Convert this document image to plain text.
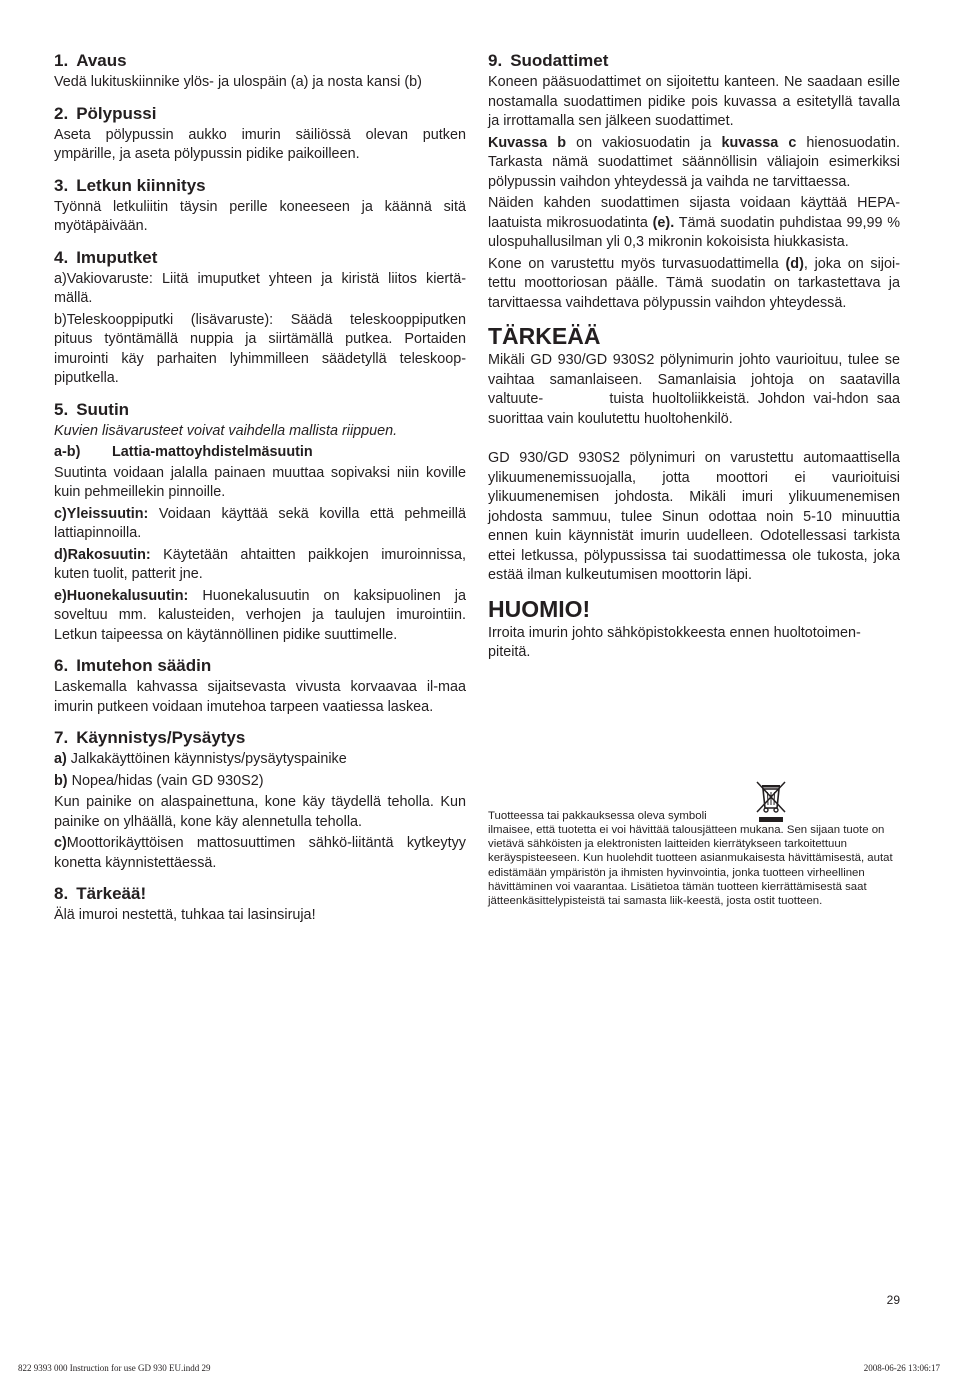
1. Avaus

Vedä lukituskiinnike ylös- ja ulospäin (a) ja nosta kansi (b)

2. Pölypussi

Aseta pölypussin aukko imurin säiliössä olevan putken ympärille, ja aseta pölypussin pidike paikoilleen.

3. Letkun kiinnitys

Työnnä letkuliitin täysin perille koneeseen ja käännä sitä myötäpäivään.

4. Imuputket

a)Vakiovaruste: Liitä imuputket yhteen ja kiristä liitos kiertä-mällä.

b)Teleskooppiputki (lisävaruste): Säädä teleskooppiputken pituus työntämällä nuppia ja siirtämällä putkea. Portaiden imurointi käy parhaiten lyhimmilleen säädetyllä teleskoop-piputkella.

5. Suutin

Kuvien lisävarusteet voivat vaihdella mallista riippuen.

a-b) Lattia-mattoyhdistelmäsuutin

Suutinta voidaan jalalla painaen muuttaa sopivaksi niin koville kuin pehmeillekin pinnoille.

c)Yleissuutin: Voidaan käyttää sekä kovilla että pehmeillä lattiapinnoilla.

d)Rakosuutin: Käytetään ahtaitten paikkojen imuroinnissa, kuten tuolit, patterit jne.

e)Huonekalusuutin: Huonekalusuutin on kaksipuolinen ja soveltuu mm. kalusteiden, verhojen ja taulujen imurointiin. Letkun taipeessa on käytännöllinen pidike suuttimelle.

6. Imutehon säädin

Laskemalla kahvassa sijaitsevasta vivusta korvaavaa il-maa imurin putkeen voidaan imutehoa tarpeen vaatiessa laskea.

7. Käynnistys/Pysäytys

a) Jalkakäyttöinen käynnistys/pysäytyspainike

b) Nopea/hidas (vain GD 930S2)

Kun painike on alaspainettuna, kone käy täydellä teholla. Kun painike on ylhäällä, kone käy alennetulla teholla.

c)Moottorikäyttöisen mattosuuttimen sähkö-liitäntä kytkeytyy konetta käynnistettäessä.

8. Tärkeää!

Älä imuroi nestettä, tuhkaa tai lasinsiruja!

9. Suodattimet

Koneen pääsuodattimet on sijoitettu kanteen. Ne saadaan esille nostamalla suodattimen pidike pois kuvassa a esitetyllä tavalla ja irrottamalla sen jälkeen suodattimet.

Kuvassa b on vakiosuodatin ja kuvassa c hienosuodatin. Tarkasta nämä suodattimet säännöllisin väliajoin esimerkiksi pölypussin vaihdon yhteydessä ja vaihda ne tarvittaessa.

Näiden kahden suodattimen sijasta voidaan käyttää HEPA-laatuista mikrosuodatinta (e). Tämä suodatin puhdistaa 99,99 % ulospuhallusilman yli 0,3 mikronin kokoisista hiukkasista.

Kone on varustettu myös turvasuodattimella (d), joka on sijoi-tettu moottoriosan päälle. Tämä suodatin on tarkastettava ja tarvittaessa vaihdettava pölypussin vaihdon yhteydessä.

TÄRKEÄÄ

Mikäli GD 930/GD 930S2 pölynimurin johto vaurioituu, tulee se vaihtaa samanlaiseen. Samanlaisia johtoja on saatavilla valtuute-        tuista huoltoliikkeistä. Johdon vai-hdon saa         suorittaa vain koulutettu huoltohenkilö.

GD 930/GD 930S2 pölynimuri on varustettu automaattisella ylikuumenemissuojalla, jotta moottori ei vaurioituisi ylikuumenemisen johdosta. Mikäli imuri ylikuumenemisen johdosta sammuu, tulee Sinun odottaa noin 5-10 minuuttia ennen kuin käynnistät imurin uudelleen. Odotellessasi tarkista ettei letkussa, pölypussissa tai suodattimessa ole tukosta, joka estää ilman kulkeutumisen moottorin läpi.

HUOMIO!

Irroita imurin johto sähköpistokkeesta ennen huoltotoimen-piteitä.

Tuotteessa tai pakkauksessa oleva symboli

ilmaisee, että tuotetta ei voi hävittää talousjätteen mukana. Sen sijaan tuote on vietävä sähköisten ja elektronisten laitteiden kierrätykseen tarkoitettuun keräyspisteeseen. Kun huolehdit tuotteen asianmukaisesta hävittämisestä, autat edistämään ympäristön ja ihmisten hyvinvointia, jonka tuotteen virheellinen hävittäminen voi vaarantaa. Lisätietoa tämän tuotteen kierrättämisestä saat jätteenkäsittelypisteistä tai samasta liik-keestä, josta ostit tuotteen.

29
822 9393 000 Instruction for use GD 930 EU.indd 29	2008-06-26 13:06:17
